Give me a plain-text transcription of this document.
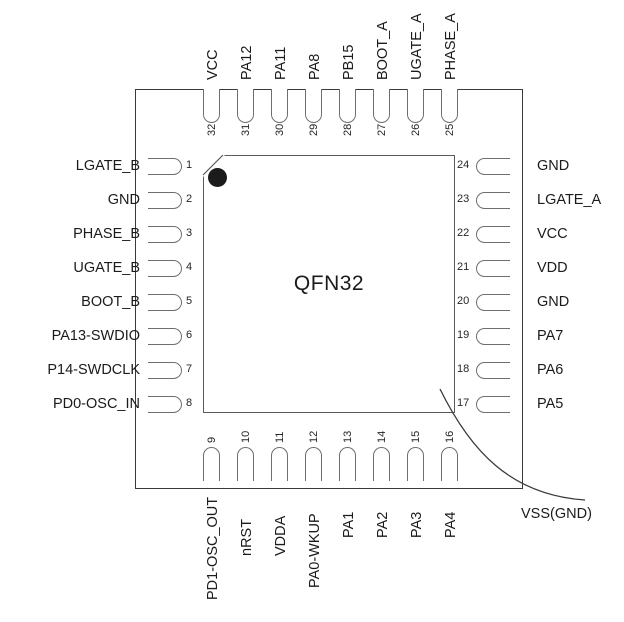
QFN32
1
LGATE_B
2
GND
3
PHASE_B
4
UGATE_B
5
BOOT_B
6
PA13-SWDIO
7
P14-SWDCLK
8
PD0-OSC_IN
9
PD1-OSC_OUT
10
nRST
11
VDDA
12
PA0-WKUP
13
PA1
14
PA2
15
PA3
16
PA4
17	PA5
18	PA6
19	PA7
20	GND
21	VDD
22	VCC
23	LGATE_A
24	GND
25
PHASE_A
26
UGATE_A
27
BOOT_A
28
PB15
29
PA8
30
PA11
31
PA12
32
VCC
VSS(GND)
